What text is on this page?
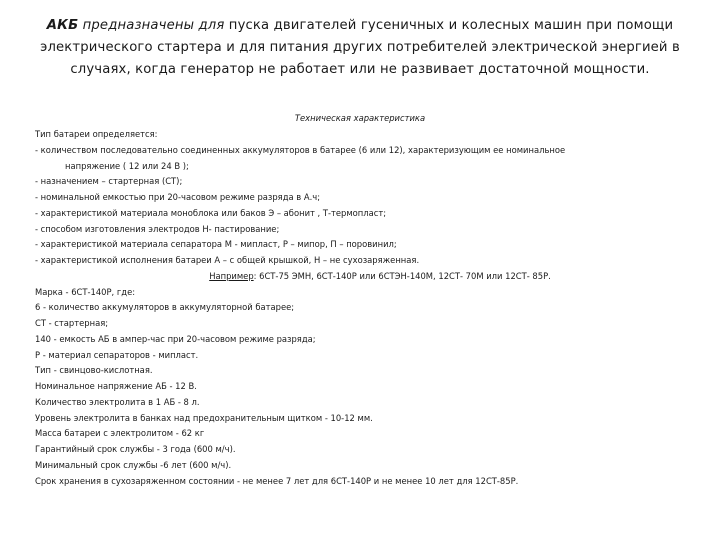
АКБ предназначены для пуска двигателей гусеничных и колесных машин при помощи
электрического стартера и для питания других потребителей электрической энергией в
случаях, когда генератор не работает или не развивает достаточной мощности.
Техническая характеристика
Тип батареи определяется:
- количеством последовательно соединенных аккумуляторов в батарее (6 или 12), характеризующим ее номинальное
напряжение ( 12 или 24 В );
- назначением – стартерная (СТ);
- номинальной емкостью при 20-часовом режиме разряда в А.ч;
- характеристикой материала моноблока или баков Э – абонит , Т-термопласт;
- способом изготовления электродов Н- пастирование;
- характеристикой материала сепаратора М - мипласт, Р – мипор, П – поровинил;
- характеристикой исполнения батареи А – с общей крышкой, Н – не сухозаряженная.
Например: 6СТ-75 ЭМН, 6СТ-140Р или 6СТЭН-140М, 12СТ- 70М или 12СТ- 85Р.
Марка - 6СТ-140Р, где:
6 - количество аккумуляторов в аккумуляторной батарее;
СТ - стартерная;
140 - емкость АБ в ампер-час при 20-часовом режиме разряда;
Р - материал сепараторов - мипласт.
Тип - свинцово-кислотная.
Номинальное напряжение АБ - 12 В.
Количество электролита в 1 АБ - 8 л.
Уровень электролита в банках над предохранительным щитком - 10-12 мм.
Масса батареи с электролитом - 62 кг
Гарантийный срок службы - 3 года (600 м/ч).
Минимальный срок службы -6 лет (600 м/ч).
Срок хранения в сухозаряженном состоянии - не менее 7 лет для 6СТ-140Р и не менее 10 лет для 12СТ-85Р.
